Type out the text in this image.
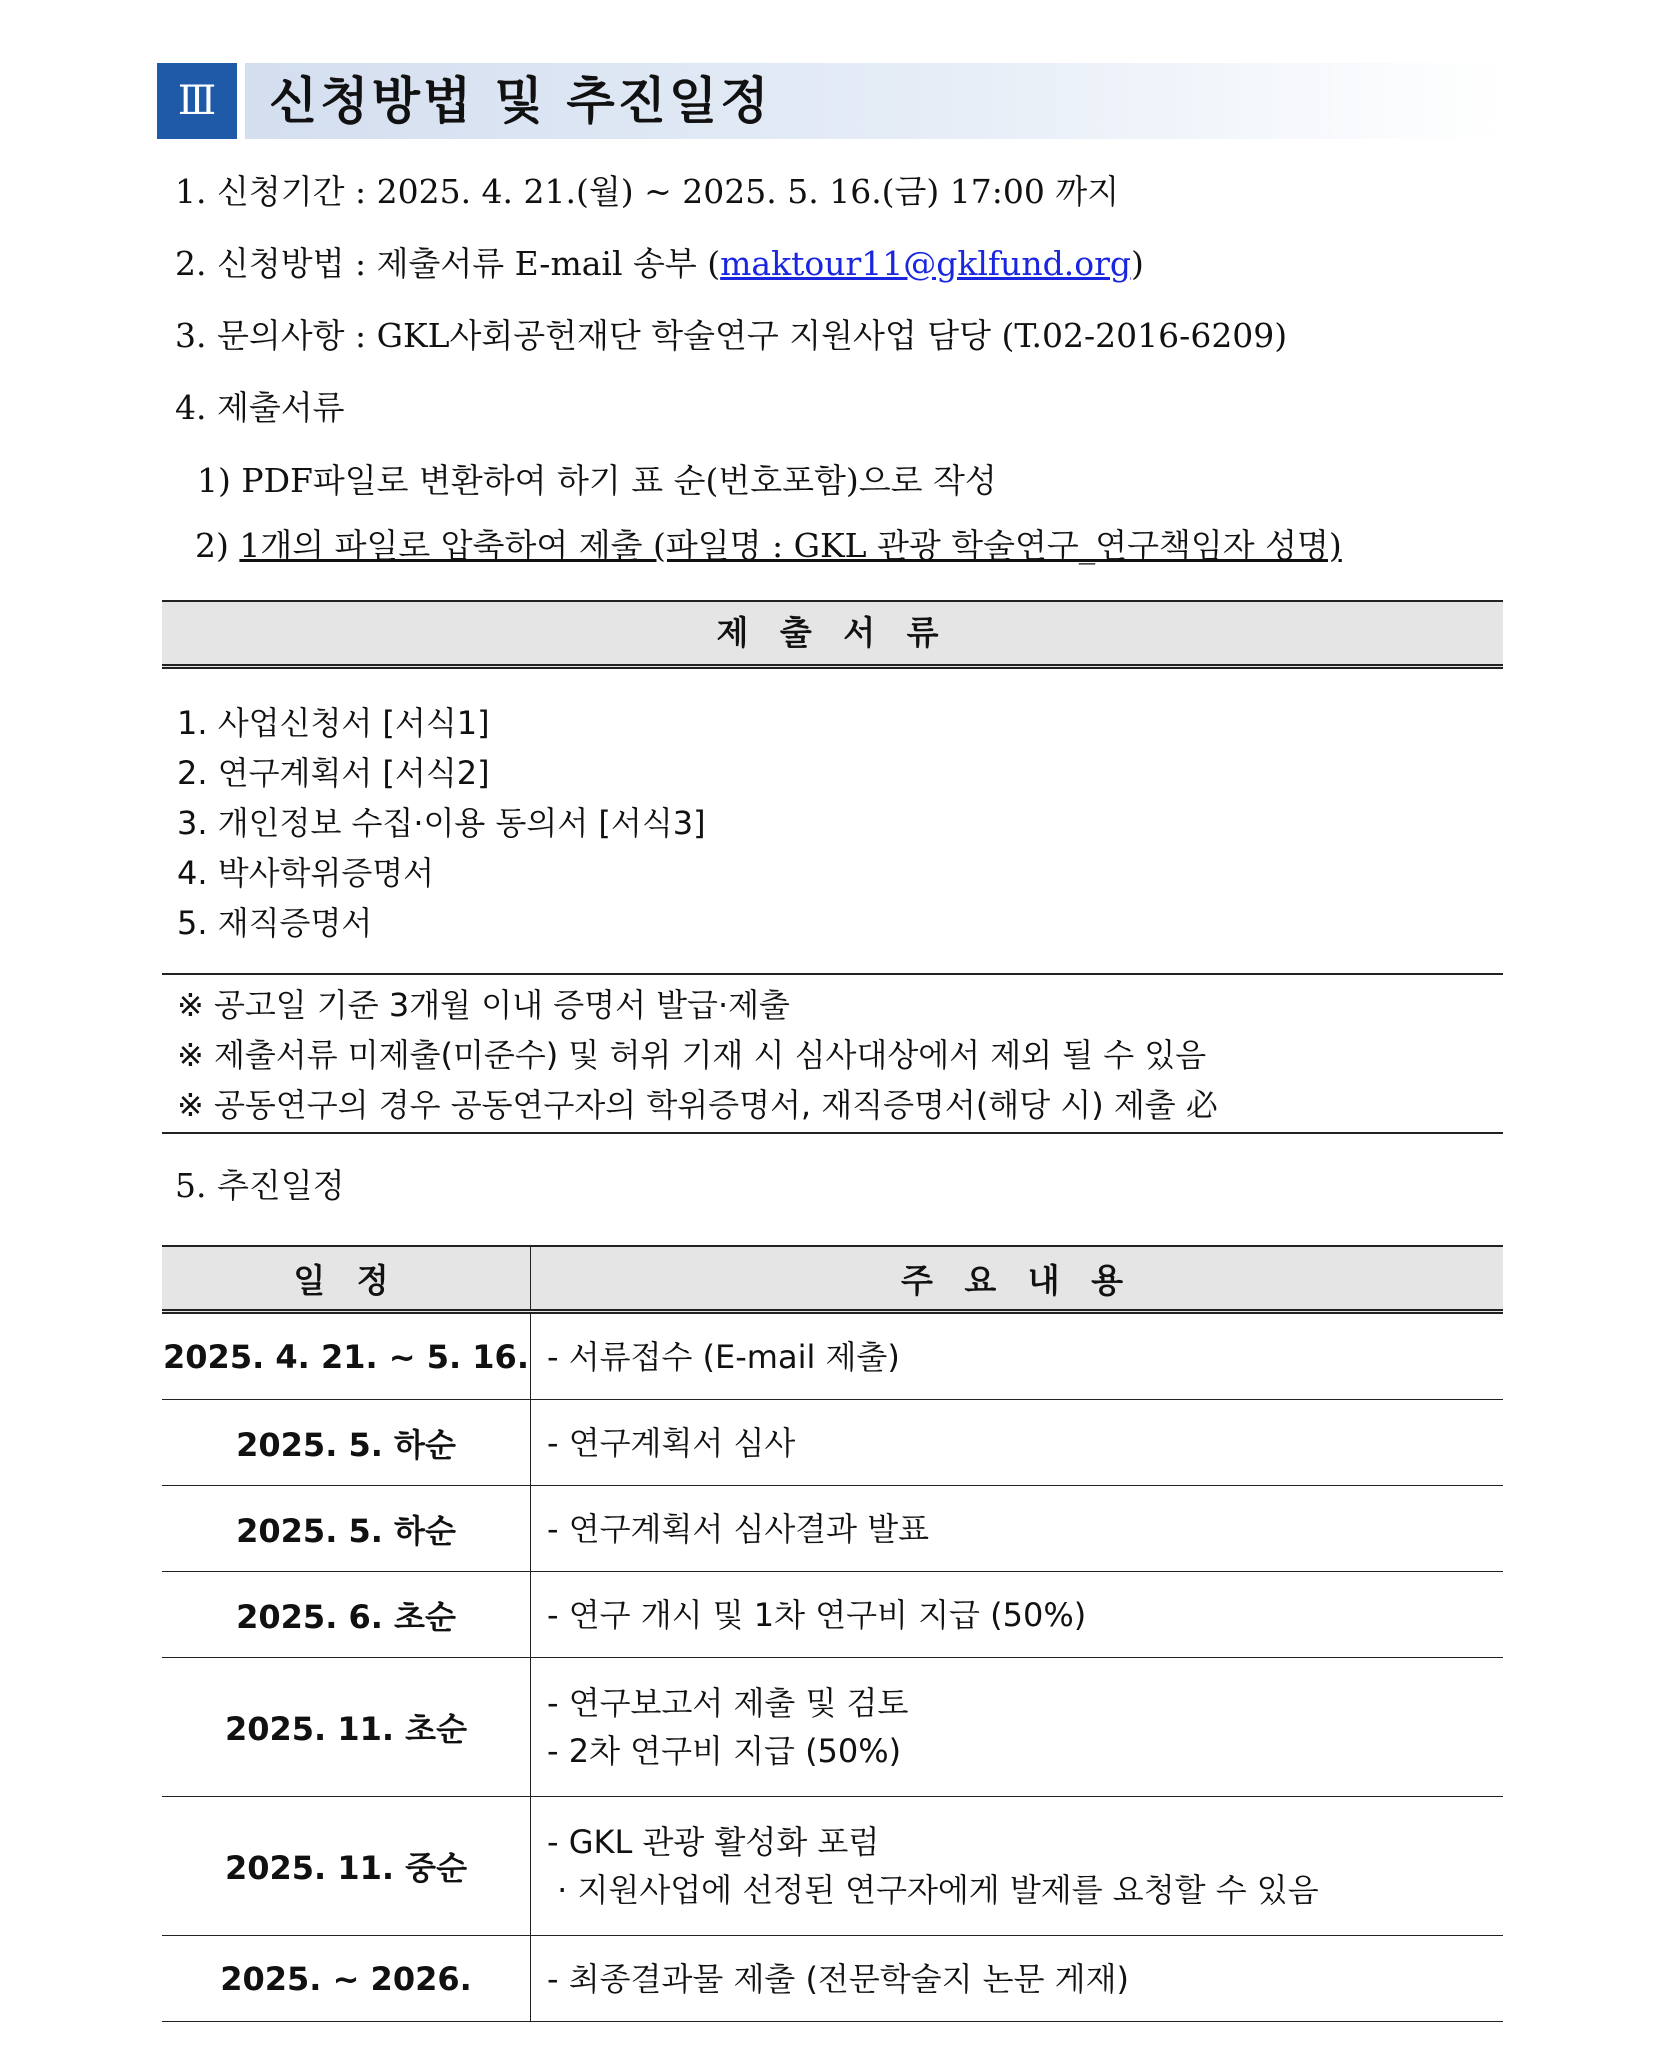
Ⅲ	신청방법 및 추진일정
1. 신청기간 : 2025. 4. 21.(월) ~ 2025. 5. 16.(금) 17:00 까지
2. 신청방법 : 제출서류 E-mail 송부 (maktour11@gklfund.org)
3. 문의사항 : GKL사회공헌재단 학술연구 지원사업 담당 (T.02-2016-6209)
4. 제출서류
1) PDF파일로 변환하여 하기 표 순(번호포함)으로 작성
2) 1개의 파일로 압축하여 제출 (파일명 : GKL 관광 학술연구_연구책임자 성명)
제 출 서 류
1. 사업신청서 [서식1]
2. 연구계획서 [서식2]
3. 개인정보 수집·이용 동의서 [서식3]
4. 박사학위증명서
5. 재직증명서
※ 공고일 기준 3개월 이내 증명서 발급·제출
※ 제출서류 미제출(미준수) 및 허위 기재 시 심사대상에서 제외 될 수 있음
※ 공동연구의 경우 공동연구자의 학위증명서, 재직증명서(해당 시) 제출 必
5. 추진일정
일 정	주 요 내 용
2025. 4. 21. ~ 5. 16.	- 서류접수 (E-mail 제출)

2025. 5. 하순	- 연구계획서 심사

2025. 5. 하순	- 연구계획서 심사결과 발표

2025. 6. 초순	- 연구 개시 및 1차 연구비 지급 (50%)

2025. 11. 초순	- 연구보고서 제출 및 검토
- 2차 연구비 지급 (50%)

2025. 11. 중순	- GKL 관광 활성화 포럼
· 지원사업에 선정된 연구자에게 발제를 요청할 수 있음

2025. ~ 2026.	- 최종결과물 제출 (전문학술지 논문 게재)
